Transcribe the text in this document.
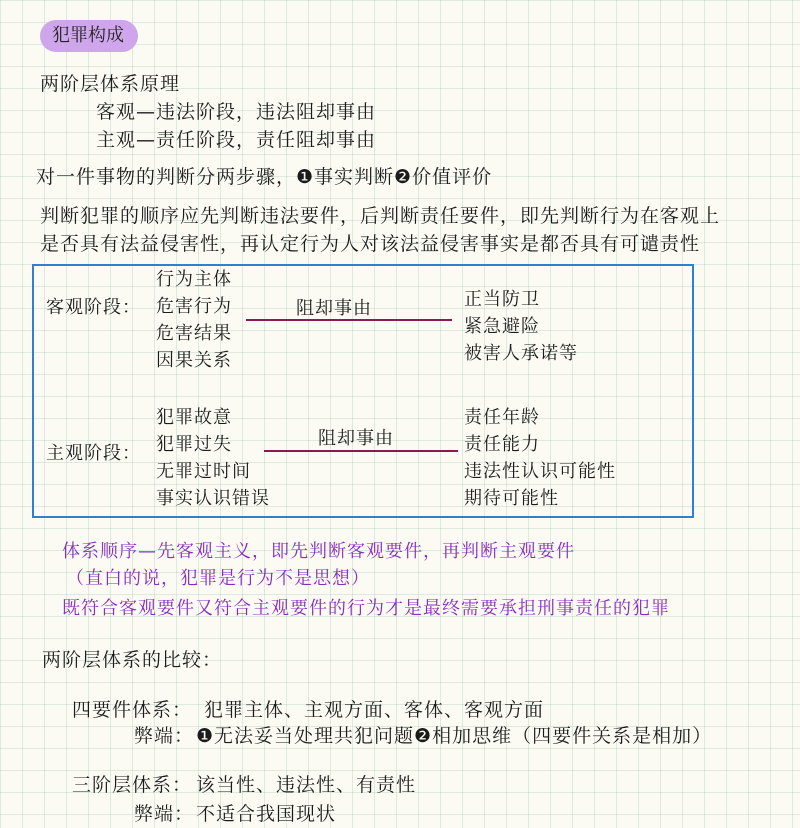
犯罪构成
两阶层体系原理
客观—违法阶段，违法阻却事由
主观—责任阶段，责任阻却事由
对一件事物的判断分两步骤，❶事实判断❷价值评价
判断犯罪的顺序应先判断违法要件，后判断责任要件，即先判断行为在客观上
是否具有法益侵害性，再认定行为人对该法益侵害事实是都否具有可谴责性
客观阶段：
行为主体
危害行为
危害结果
因果关系
阻却事由	正当防卫
紧急避险
被害人承诺等
主观阶段：
犯罪故意
犯罪过失
无罪过时间
事实认识错误
阻却事由
责任年龄
责任能力
违法性认识可能性
期待可能性
体系顺序—先客观主义，即先判断客观要件，再判断主观要件
（直白的说，犯罪是行为不是思想）
既符合客观要件又符合主观要件的行为才是最终需要承担刑事责任的犯罪
两阶层体系的比较：
四要件体系： 犯罪主体、主观方面、客体、客观方面
弊端： ❶无法妥当处理共犯问题❷相加思维（四要件关系是相加）
三阶层体系： 该当性、违法性、有责性
弊端： 不适合我国现状
